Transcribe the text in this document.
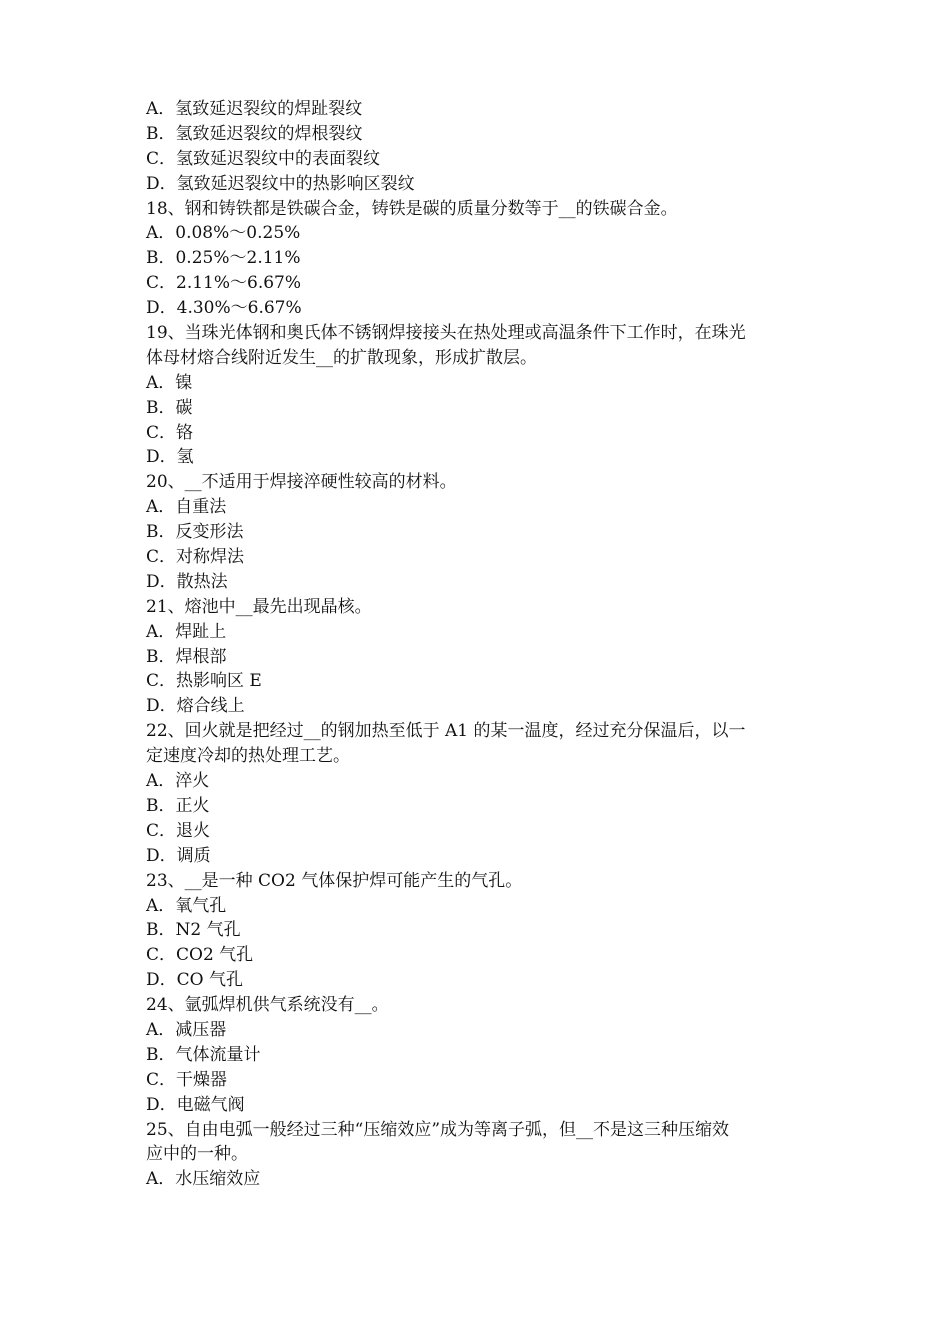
A．氢致延迟裂纹的焊趾裂纹
B．氢致延迟裂纹的焊根裂纹
C．氢致延迟裂纹中的表面裂纹
D．氢致延迟裂纹中的热影响区裂纹
18、钢和铸铁都是铁碳合金，铸铁是碳的质量分数等于__的铁碳合金。
A．0.08%～0.25%
B．0.25%～2.11%
C．2.11%～6.67%
D．4.30%～6.67%
19、当珠光体钢和奥氏体不锈钢焊接接头在热处理或高温条件下工作时，在珠光
体母材熔合线附近发生__的扩散现象，形成扩散层。
A．镍
B．碳
C．铬
D．氢
20、__不适用于焊接淬硬性较高的材料。
A．自重法
B．反变形法
C．对称焊法
D．散热法
21、熔池中__最先出现晶核。
A．焊趾上
B．焊根部
C．热影响区 E
D．熔合线上
22、回火就是把经过__的钢加热至低于 A1 的某一温度，经过充分保温后，以一
定速度冷却的热处理工艺。
A．淬火
B．正火
C．退火
D．调质
23、__是一种 CO2 气体保护焊可能产生的气孔。
A．氧气孔
B．N2 气孔
C．CO2 气孔
D．CO 气孔
24、氩弧焊机供气系统没有__。
A．减压器
B．气体流量计
C．干燥器
D．电磁气阀
25、自由电弧一般经过三种“压缩效应”成为等离子弧，但__不是这三种压缩效
应中的一种。
A．水压缩效应
